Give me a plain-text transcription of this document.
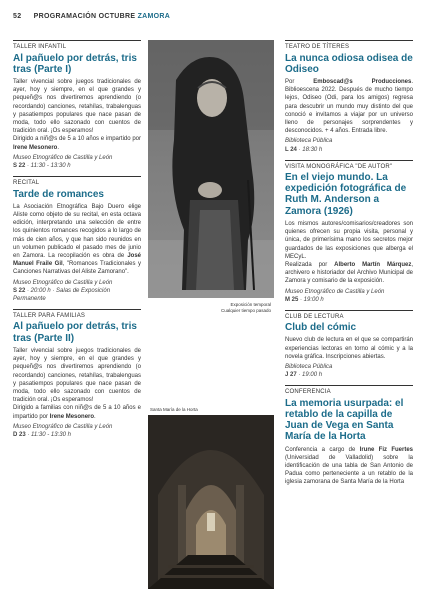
52 PROGRAMACIÓN OCTUBRE ZAMORA
TALLER INFANTIL
Al pañuelo por detrás, tris tras (Parte I)
Taller vivencial sobre juegos tradicionales de ayer, hoy y siempre, en el que grandes y pequeñ@s nos divertiremos aprendiendo (o recordando) canciones, retahílas, trabalenguas y pasatiempos populares que nace pasan de moda, todo ello sazonado con cuentos de tradición oral. ¡Os esperamos!
Dirigido a niñ@s de 5 a 10 años e impartido por Irene Mesonero.
Museo Etnográfico de Castilla y León
S 22 · 11:30 - 13:30 h
RECITAL
Tarde de romances
La Asociación Etnográfica Bajo Duero elige Aliste como objeto de su recital, en esta octava edición, interpretando una selección de entre los quinientos romances recogidos a lo largo de más de cien años, y que han sido reunidos en un volumen publicado el pasado mes de junio en Zamora. La recopilación es obra de José Manuel Fraile Gil, "Romances Tradicionales y Canciones Narrativas del Aliste Zamorano".
Museo Etnográfico de Castilla y León
S 22 · 20:00 h · Salas de Exposición Permanente
TALLER PARA FAMILIAS
Al pañuelo por detrás, tris tras (Parte II)
Taller vivencial sobre juegos tradicionales de ayer, hoy y siempre, en el que grandes y pequeñ@s nos divertiremos aprendiendo (o recordando) canciones, retahílas, trabalenguas y pasatiempos populares que nace pasan de moda, todo ello sazonado con cuentos de tradición oral. ¡Os esperamos!
Dirigido a familias con niñ@s de 5 a 10 años e impartido por Irene Mesonero.
Museo Etnográfico de Castilla y León
D 23 · 11:30 - 13:30 h
Exposición temporal
Cualquier tiempo pasado
Santa María de la Horta
TEATRO DE TÍTERES
La nunca odiosa odisea de Odiseo
Por Emboscad@s Producciones. Biblioescena 2022. Después de mucho tiempo lejos, Odiseo (Odi, para los amigos) regresa para descubrir un mundo muy distinto del que conoció e invitamos a viajar por un universo lleno de personajes sorprendentes y desconocidos. + 4 años. Entrada libre.
Biblioteca Pública
L 24 · 18:30 h
VISITA MONOGRÁFICA "DE AUTOR"
En el viejo mundo. La expedición fotográfica de Ruth M. Anderson a Zamora (1926)
Los mismos autores/comisarios/creadores son quienes ofrecen su propia visita, personal y única, de primerísima mano los secretos mejor guardados de las exposiciones que alberga el MECyL.
Realizada por Alberto Martín Márquez, archivero e historiador del Archivo Municipal de Zamora y comisario de la exposición.
Museo Etnográfico de Castilla y León
M 25 · 19:00 h
CLUB DE LECTURA
Club del cómic
Nuevo club de lectura en el que se compartirán experiencias lectoras en torno al cómic y a la novela gráfica. Inscripciones abiertas.
Biblioteca Pública
J 27 · 19:00 h
CONFERENCIA
La memoria usurpada: el retablo de la capilla de Juan de Vega en Santa María de la Horta
Conferencia a cargo de Irune Fiz Fuertes (Universidad de Valladolid) sobre la identificación de una tabla de San Antonio de Padua como perteneciente a un retablo de la iglesia zamorana de Santa María de la Horta
